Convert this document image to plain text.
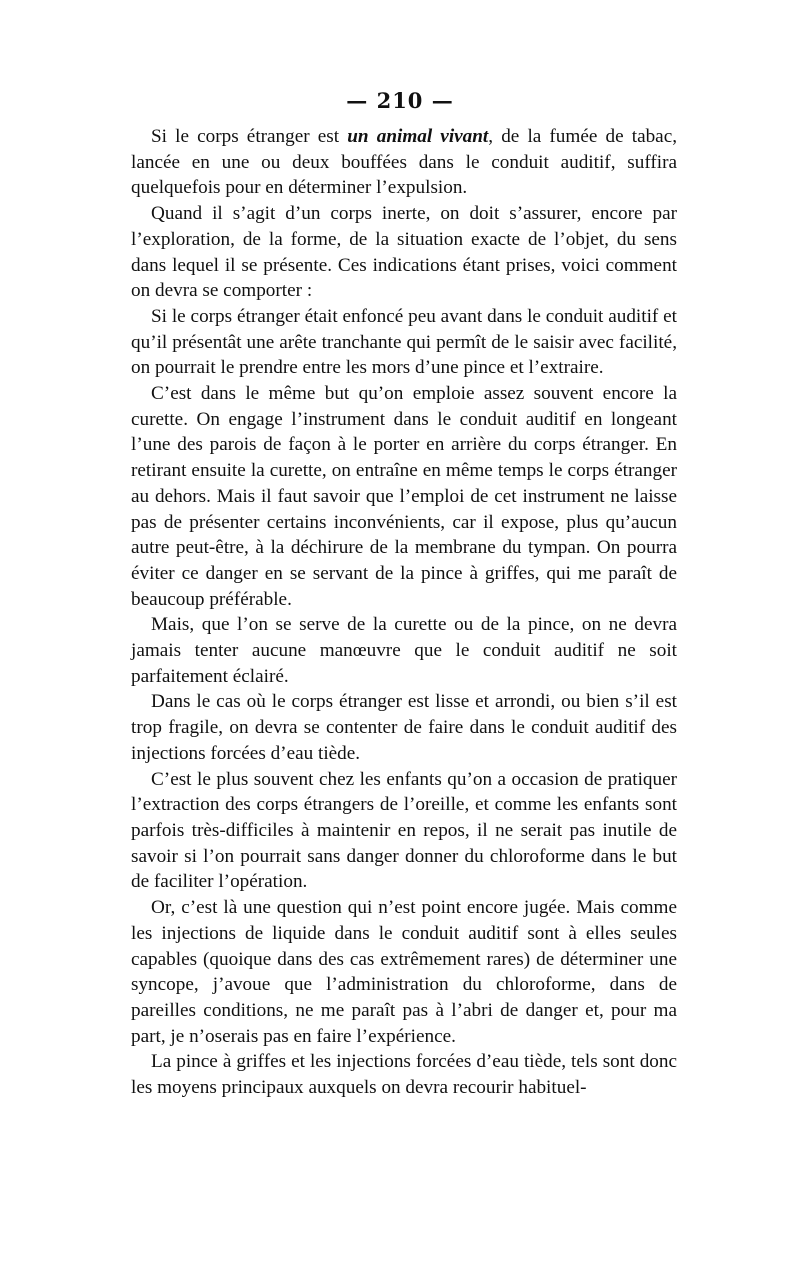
— 210 —

Si le corps étranger est un animal vivant, de la fumée de tabac, lancée en une ou deux bouffées dans le conduit auditif, suffira quelquefois pour en déterminer l’expulsion.

Quand il s’agit d’un corps inerte, on doit s’assurer, encore par l’exploration, de la forme, de la situation exacte de l’objet, du sens dans lequel il se présente. Ces indications étant prises, voici comment on devra se comporter :

Si le corps étranger était enfoncé peu avant dans le conduit auditif et qu’il présentât une arête tranchante qui permît de le saisir avec facilité, on pourrait le prendre entre les mors d’une pince et l’extraire.

C’est dans le même but qu’on emploie assez souvent encore la curette. On engage l’instrument dans le conduit auditif en longeant l’une des parois de façon à le porter en arrière du corps étranger. En retirant ensuite la curette, on entraîne en même temps le corps étranger au dehors. Mais il faut savoir que l’emploi de cet instrument ne laisse pas de présenter certains inconvénients, car il expose, plus qu’aucun autre peut-être, à la déchirure de la membrane du tympan. On pourra éviter ce danger en se servant de la pince à griffes, qui me paraît de beaucoup préférable.

Mais, que l’on se serve de la curette ou de la pince, on ne devra jamais tenter aucune manœuvre que le conduit auditif ne soit parfaitement éclairé.

Dans le cas où le corps étranger est lisse et arrondi, ou bien s’il est trop fragile, on devra se contenter de faire dans le conduit auditif des injections forcées d’eau tiède.

C’est le plus souvent chez les enfants qu’on a occasion de pratiquer l’extraction des corps étrangers de l’oreille, et comme les enfants sont parfois très-difficiles à maintenir en repos, il ne serait pas inutile de savoir si l’on pourrait sans danger donner du chloroforme dans le but de faciliter l’opération.

Or, c’est là une question qui n’est point encore jugée. Mais comme les injections de liquide dans le conduit auditif sont à elles seules capables (quoique dans des cas extrêmement rares) de déterminer une syncope, j’avoue que l’administration du chloroforme, dans de pareilles conditions, ne me paraît pas à l’abri de danger et, pour ma part, je n’oserais pas en faire l’expérience.

La pince à griffes et les injections forcées d’eau tiède, tels sont donc les moyens principaux auxquels on devra recourir habituel-
